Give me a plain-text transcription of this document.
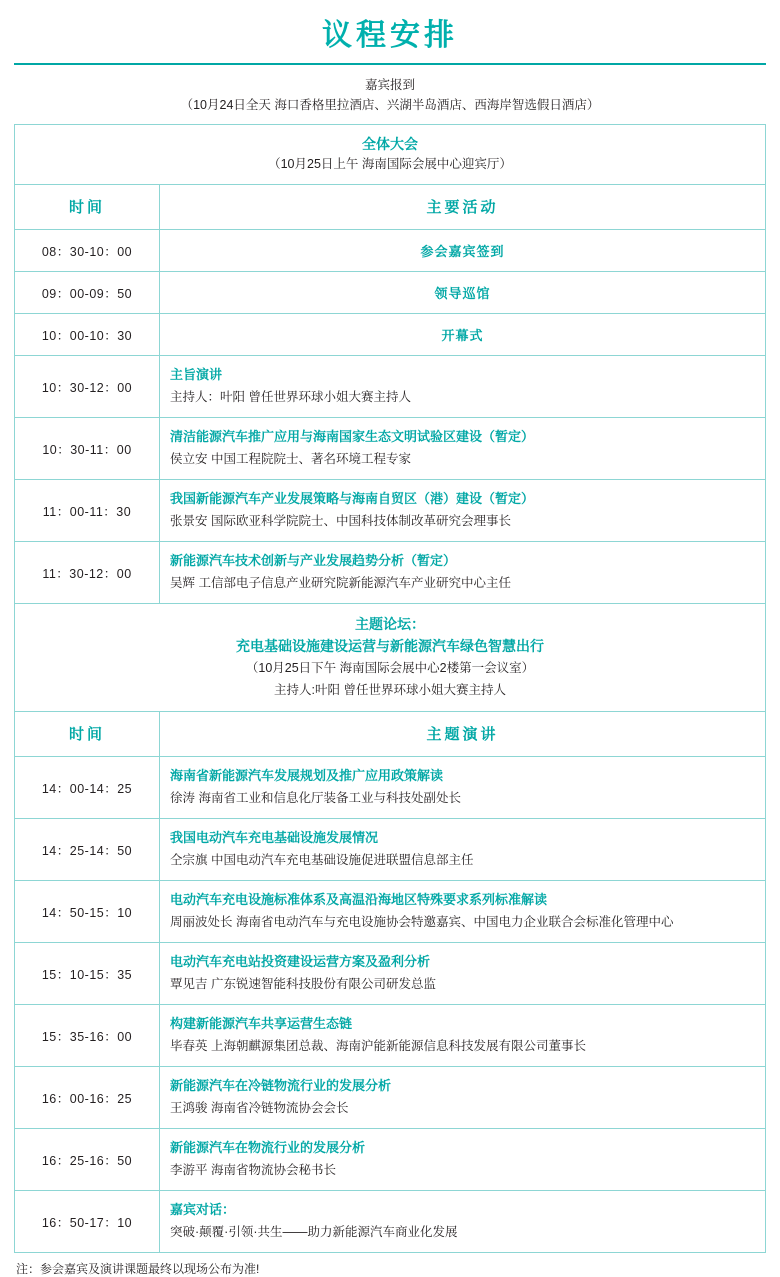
议程安排
嘉宾报到
（10月24日全天 海口香格里拉酒店、兴湖半岛酒店、西海岸智选假日酒店）
全体大会
（10月25日上午 海南国际会展中心迎宾厅）	

时间	主要活动

08：30-10：00	参会嘉宾签到

09：00-09：50	领导巡馆

10：00-10：30	开幕式

10：30-12：00	主旨演讲
主持人：叶阳 曾任世界环球小姐大赛主持人

10：30-11：00	清洁能源汽车推广应用与海南国家生态文明试验区建设（暂定）
侯立安 中国工程院院士、著名环境工程专家

11：00-11：30	我国新能源汽车产业发展策略与海南自贸区（港）建设（暂定）
张景安 国际欧亚科学院院士、中国科技体制改革研究会理事长

11：30-12：00	新能源汽车技术创新与产业发展趋势分析（暂定）
吴辉 工信部电子信息产业研究院新能源汽车产业研究中心主任

主题论坛：
充电基础设施建设运营与新能源汽车绿色智慧出行
（10月25日下午 海南国际会展中心2楼第一会议室）
主持人:叶阳 曾任世界环球小姐大赛主持人	

时间	主题演讲

14：00-14：25	海南省新能源汽车发展规划及推广应用政策解读
徐涛 海南省工业和信息化厅装备工业与科技处副处长

14：25-14：50	我国电动汽车充电基础设施发展情况
仝宗旗 中国电动汽车充电基础设施促进联盟信息部主任

14：50-15：10	电动汽车充电设施标准体系及高温沿海地区特殊要求系列标准解读
周丽波处长 海南省电动汽车与充电设施协会特邀嘉宾、中国电力企业联合会标准化管理中心

15：10-15：35	电动汽车充电站投资建设运营方案及盈利分析
覃见吉 广东锐速智能科技股份有限公司研发总监

15：35-16：00	构建新能源汽车共享运营生态链
毕春英 上海朝麒源集团总裁、海南沪能新能源信息科技发展有限公司董事长

16：00-16：25	新能源汽车在冷链物流行业的发展分析
王鸿骏 海南省冷链物流协会会长

16：25-16：50	新能源汽车在物流行业的发展分析
李游平 海南省物流协会秘书长

16：50-17：10	嘉宾对话：
突破·颠覆·引领·共生——助力新能源汽车商业化发展
注：参会嘉宾及演讲课题最终以现场公布为准!
